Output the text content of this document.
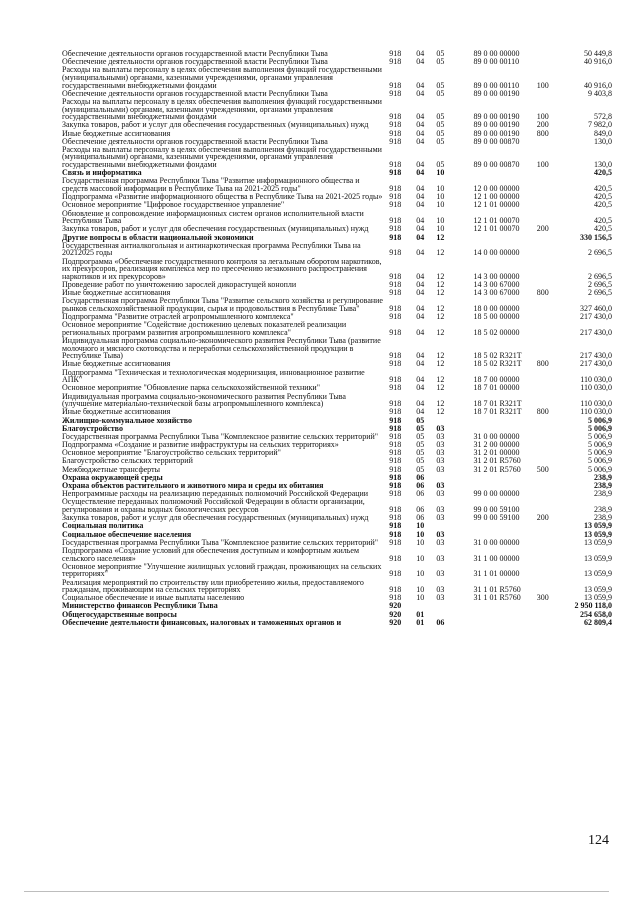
Обеспечение деятельности органов государственной власти Республики Тыва	918	04	05	89 0 00 00000		50 449,8
Обеспечение деятельности органов государственной власти Республики Тыва	918	04	05	89 0 00 00110		40 916,0
Расходы на выплаты персоналу в целях обеспечения выполнения функций государственными (муниципальными) органами, казенными учреждениями, органами управления государственными внебюджетными фондами	918	04	05	89 0 00 00110	100	40 916,0
Обеспечение деятельности органов государственной власти Республики Тыва	918	04	05	89 0 00 00190		9 403,8
Расходы на выплаты персоналу в целях обеспечения выполнения функций государственными (муниципальными) органами, казенными учреждениями, органами управления государственными внебюджетными фондами	918	04	05	89 0 00 00190	100	572,8
Закупка товаров, работ и услуг для обеспечения государственных (муниципальных) нужд	918	04	05	89 0 00 00190	200	7 982,0
Иные бюджетные ассигнования	918	04	05	89 0 00 00190	800	849,0
Обеспечение деятельности органов государственной власти Республики Тыва	918	04	05	89 0 00 00870		130,0
Расходы на выплаты персоналу в целях обеспечения выполнения функций государственными (муниципальными) органами, казенными учреждениями, органами управления государственными внебюджетными фондами	918	04	05	89 0 00 00870	100	130,0
Связь и информатика	918	04	10			420,5
Государственная программа Республики Тыва "Развитие информационного общества и средств массовой информации в Республике Тыва на 2021-2025 годы"	918	04	10	12 0 00 00000		420,5
Подпрограмма «Развитие информационного общества в Республике Тыва на 2021-2025 годы»	918	04	10	12 1 00 00000		420,5
Основное мероприятие "Цифровое государственное управление"	918	04	10	12 1 01 00000		420,5
Обновление и сопровождение информационных систем органов исполнительной власти Республики Тыва	918	04	10	12 1 01 00070		420,5
Закупка товаров, работ и услуг для обеспечения государственных (муниципальных) нужд	918	04	10	12 1 01 00070	200	420,5
Другие вопросы в области национальной экономики	918	04	12			330 156,5
Государственная антиалкогольная и антинаркотическая программа Республики Тыва на 20212025 годы	918	04	12	14 0 00 00000		2 696,5
Подпрограмма «Обеспечение государственного контроля за легальным оборотом наркотиков, их прекурсоров, реализация комплекса мер по пресечению незаконного распространения наркотиков и их прекурсоров»	918	04	12	14 3 00 00000		2 696,5
Проведение работ по уничтожению зарослей дикорастущей конопли	918	04	12	14 3 00 67000		2 696,5
Иные бюджетные ассигнования	918	04	12	14 3 00 67000	800	2 696,5
Государственная программа Республики Тыва "Развитие сельского хозяйства и регулирование рынков сельскохозяйственной продукции, сырья и продовольствия в Республике Тыва"	918	04	12	18 0 00 00000		327 460,0
Подпрограмма "Развитие отраслей агропромышленного комплекса"	918	04	12	18 5 00 00000		217 430,0
Основное мероприятие "Содействие достижению целевых показателей реализации региональных программ развития агропромышленного комплекса"	918	04	12	18 5 02 00000		217 430,0
Индивидуальная программа социально-экономического развития Республики Тыва (развитие молочного и мясного скотоводства и переработки сельскохозяйственной продукции в Республике Тыва)	918	04	12	18 5 02 R321T		217 430,0
Иные бюджетные ассигнования	918	04	12	18 5 02 R321T	800	217 430,0
Подпрограмма "Техническая и технологическая модернизация, инновационное развитие АПК"	918	04	12	18 7 00 00000		110 030,0
Основное мероприятие "Обновление парка сельскохозяйственной техники"	918	04	12	18 7 01 00000		110 030,0
Индивидуальная программа социально-экономического развития Республики Тыва (улучшение материально-технической базы агропромышленного комплекса)	918	04	12	18 7 01 R321T		110 030,0
Иные бюджетные ассигнования	918	04	12	18 7 01 R321T	800	110 030,0
Жилищно-коммунальное хозяйство	918	05				5 006,9
Благоустройство	918	05	03			5 006,9
Государственная программа Республики Тыва "Комплексное развитие сельских территорий"	918	05	03	31 0 00 00000		5 006,9
Подпрограмма «Создание и развитие инфраструктуры на сельских территориях»	918	05	03	31 2 00 00000		5 006,9
Основное мероприятие "Благоустройство сельских территорий"	918	05	03	31 2 01 00000		5 006,9
Благоустройство сельских территорий	918	05	03	31 2 01 R5760		5 006,9
Межбюджетные трансферты	918	05	03	31 2 01 R5760	500	5 006,9
Охрана окружающей среды	918	06				238,9
Охрана объектов растительного и животного мира и среды их обитания	918	06	03			238,9
Непрограммные расходы на реализацию переданных полномочий Российской Федерации	918	06	03	99 0 00 00000		238,9
Осуществление переданных полномочий Российской Федерации в области организации, регулирования и охраны водных биологических ресурсов	918	06	03	99 0 00 59100		238,9
Закупка товаров, работ и услуг для обеспечения государственных (муниципальных) нужд	918	06	03	99 0 00 59100	200	238,9
Социальная политика	918	10				13 059,9
Социальное обеспечение населения	918	10	03			13 059,9
Государственная программа Республики Тыва "Комплексное развитие сельских территорий"	918	10	03	31 0 00 00000		13 059,9
Подпрограмма «Создание условий для обеспечения доступным и комфортным жильем сельского населения»	918	10	03	31 1 00 00000		13 059,9
Основное мероприятие "Улучшение жилищных условий граждан, проживающих на сельских территориях"	918	10	03	31 1 01 00000		13 059,9
Реализация мероприятий по строительству или приобретению жилья, предоставляемого гражданам, проживающим на сельских территориях	918	10	03	31 1 01 R5760		13 059,9
Социальное обеспечение и иные выплаты населению	918	10	03	31 1 01 R5760	300	13 059,9
Министерство финансов Республики Тыва	920					2 950 118,0
Общегосударственные вопросы	920	01				254 658,0
Обеспечение деятельности финансовых, налоговых и таможенных органов и	920	01	06			62 809,4
124
